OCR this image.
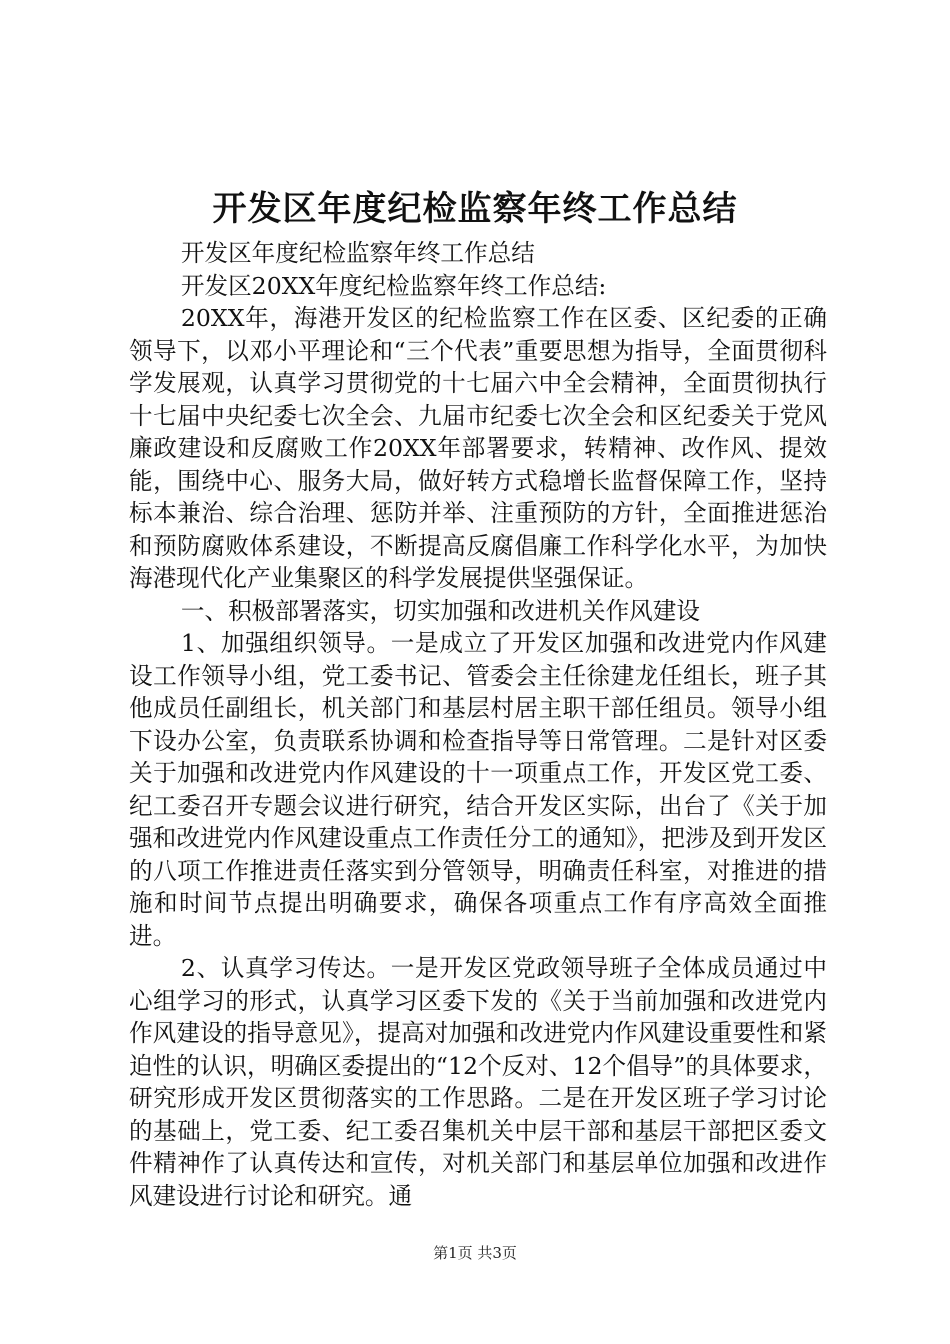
开发区年度纪检监察年终工作总结

开发区年度纪检监察年终工作总结

开发区20XX年度纪检监察年终工作总结:

20XX年，海港开发区的纪检监察工作在区委、区纪委的正确领导下，以邓小平理论和“三个代表”重要思想为指导，全面贯彻科学发展观，认真学习贯彻党的十七届六中全会精神，全面贯彻执行十七届中央纪委七次全会、九届市纪委七次全会和区纪委关于党风廉政建设和反腐败工作20XX年部署要求，转精神、改作风、提效能，围绕中心、服务大局，做好转方式稳增长监督保障工作，坚持标本兼治、综合治理、惩防并举、注重预防的方针，全面推进惩治和预防腐败体系建设，不断提高反腐倡廉工作科学化水平，为加快海港现代化产业集聚区的科学发展提供坚强保证。

一、积极部署落实，切实加强和改进机关作风建设

1、加强组织领导。一是成立了开发区加强和改进党内作风建设工作领导小组，党工委书记、管委会主任徐建龙任组长，班子其他成员任副组长，机关部门和基层村居主职干部任组员。领导小组下设办公室，负责联系协调和检查指导等日常管理。二是针对区委关于加强和改进党内作风建设的十一项重点工作，开发区党工委、纪工委召开专题会议进行研究，结合开发区实际，出台了《关于加强和改进党内作风建设重点工作责任分工的通知》，把涉及到开发区的八项工作推进责任落实到分管领导，明确责任科室，对推进的措施和时间节点提出明确要求，确保各项重点工作有序高效全面推进。

2、认真学习传达。一是开发区党政领导班子全体成员通过中心组学习的形式，认真学习区委下发的《关于当前加强和改进党内作风建设的指导意见》，提高对加强和改进党内作风建设重要性和紧迫性的认识，明确区委提出的“12个反对、12个倡导”的具体要求，研究形成开发区贯彻落实的工作思路。二是在开发区班子学习讨论的基础上，党工委、纪工委召集机关中层干部和基层干部把区委文件精神作了认真传达和宣传，对机关部门和基层单位加强和改进作风建设进行讨论和研究。通

第1页 共3页
